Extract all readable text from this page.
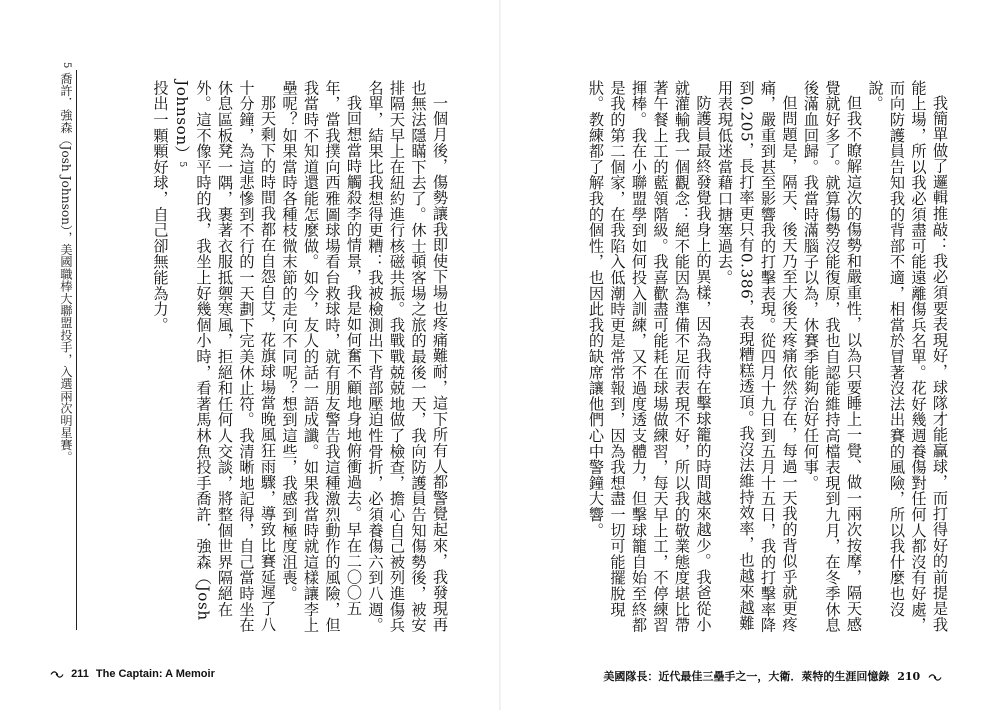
一個月後，傷勢讓我即使下場也疼痛難耐，這下所有人都警覺起來，我發現再也無法隱瞞下去了。休士頓客場之旅的最後一天，我向防護員告知傷勢後，被安排隔天早上在紐約進行核磁共振。我戰戰兢兢地做了檢查，擔心自己被列進傷兵名單，結果比我想得更糟：我被檢測出下背部壓迫性骨折，必須養傷六到八週。

我回想當時觸殺李的情景，我是如何奮不顧地身地俯衝過去。早在二〇〇五年，當我撲向西雅圖球場看台救球時，就有朋友警告我這種激烈動作的風險，但我當時不知道還能怎麼做。如今，友人的話一語成讖。如果我當時就這樣讓李上壘呢？如果當時各種枝微末節的走向不同呢？想到這些，我感到極度沮喪。

那天剩下的時間我都在自怨自艾，花旗球場當晚風狂雨驟，導致比賽延遲了八十分鐘，為這悲慘到不行的一天劃下完美休止符。我清晰地記得，自己當時坐在休息區板凳一隅，裹著衣服抵禦寒風，拒絕和任何人交談，將整個世界隔絕在外。這不像平時的我，我坐上好幾個小時，看著馬林魚投手喬許．強森（Josh Johnson）5

投出一顆顆好球，自己卻無能為力。

5 喬許．強森（Josh Johnson），美國職棒大聯盟投手，入選兩次明星賽。
211 The Captain: A Memoir

我簡單做了邏輯推敲：我必須要表現好，球隊才能贏球，而打得好的前提是我能上場，所以我必須盡可能遠離傷兵名單。花好幾週養傷對任何人都沒有好處，而向防護員告知我的背部不適，相當於冒著沒法出賽的風險，所以我什麼也沒說。

但我不瞭解這次的傷勢和嚴重性，以為只要睡上一覺、做一兩次按摩，隔天感覺就好多了。就算傷勢沒能復原，我也自認能維持高檔表現到九月，在冬季休息後滿血回歸。我當時滿腦子以為，休賽季能夠治好任何事。

但問題是，隔天、後天乃至大後天疼痛依然存在，每過一天我的背似乎就更疼痛，嚴重到甚至影響我的打擊表現。從四月十九日到五月十五日，我的打擊率降到0.205，長打率更只有0.386，表現糟糕透頂。我沒法維持效率，也越來越難用表現低迷當藉口搪塞過去。

防護員最終發覺我身上的異樣，因為我待在擊球籠的時間越來越少。我爸從小就灌輸我一個觀念：絕不能因為準備不足而表現不好，所以我的敬業態度堪比帶著午餐上工的藍領階級。我喜歡盡可能耗在球場做練習，每天早上工，不停練習揮棒。我在小聯盟學到如何投入訓練，又不過度透支體力，但擊球籠自始至終都是我的第二個家，在我陷入低潮時更是常常報到，因為我想盡一切可能擺脫現狀。教練都了解我的個性，也因此我的缺席讓他們心中警鐘大響。

美國隊長：近代最佳三壘手之一，大衛．萊特的生涯回憶錄 210
